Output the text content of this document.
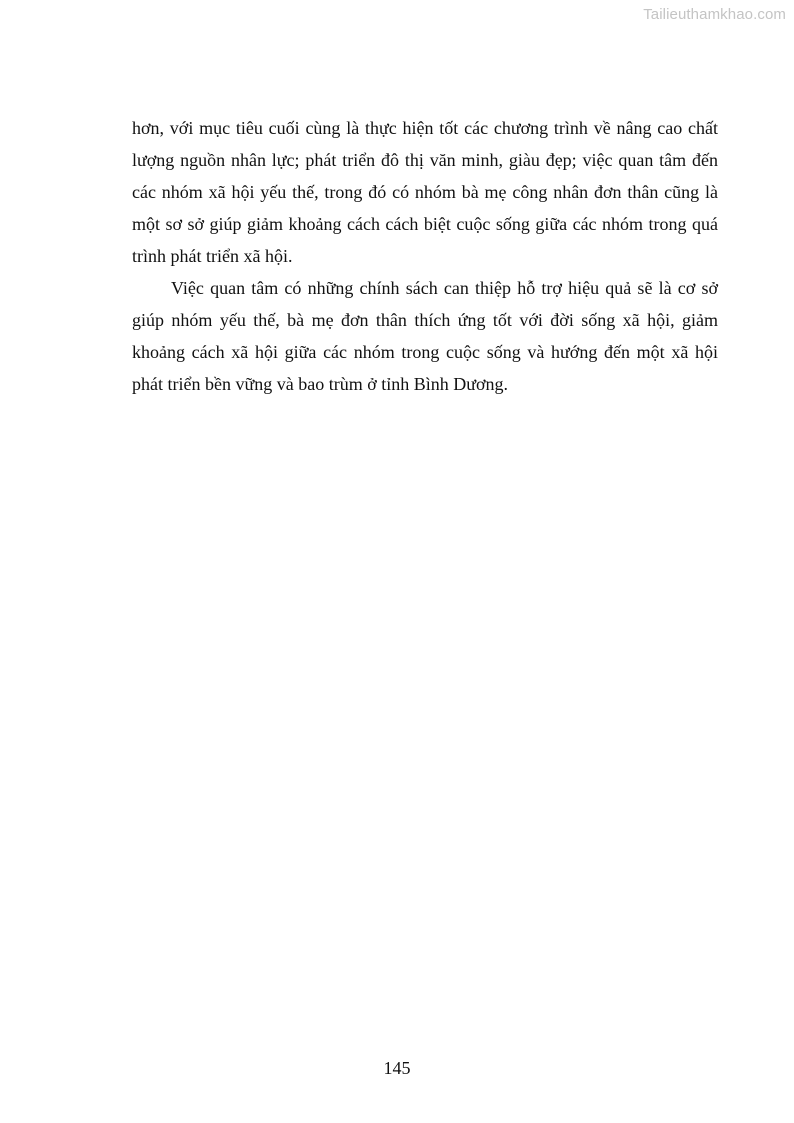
Tailieuthamkhao.com

hơn, với mục tiêu cuối cùng là thực hiện tốt các chương trình về nâng cao chất lượng nguồn nhân lực; phát triển đô thị văn minh, giàu đẹp; việc quan tâm đến các nhóm xã hội yếu thế, trong đó có nhóm bà mẹ công nhân đơn thân cũng là một sơ sở giúp giảm khoảng cách cách biệt cuộc sống giữa các nhóm trong quá trình phát triển xã hội.

Việc quan tâm có những chính sách can thiệp hỗ trợ hiệu quả sẽ là cơ sở giúp nhóm yếu thế, bà mẹ đơn thân thích ứng tốt với đời sống xã hội, giảm khoảng cách xã hội giữa các nhóm trong cuộc sống và hướng đến một xã hội phát triển bền vững và bao trùm ở tỉnh Bình Dương.

145
